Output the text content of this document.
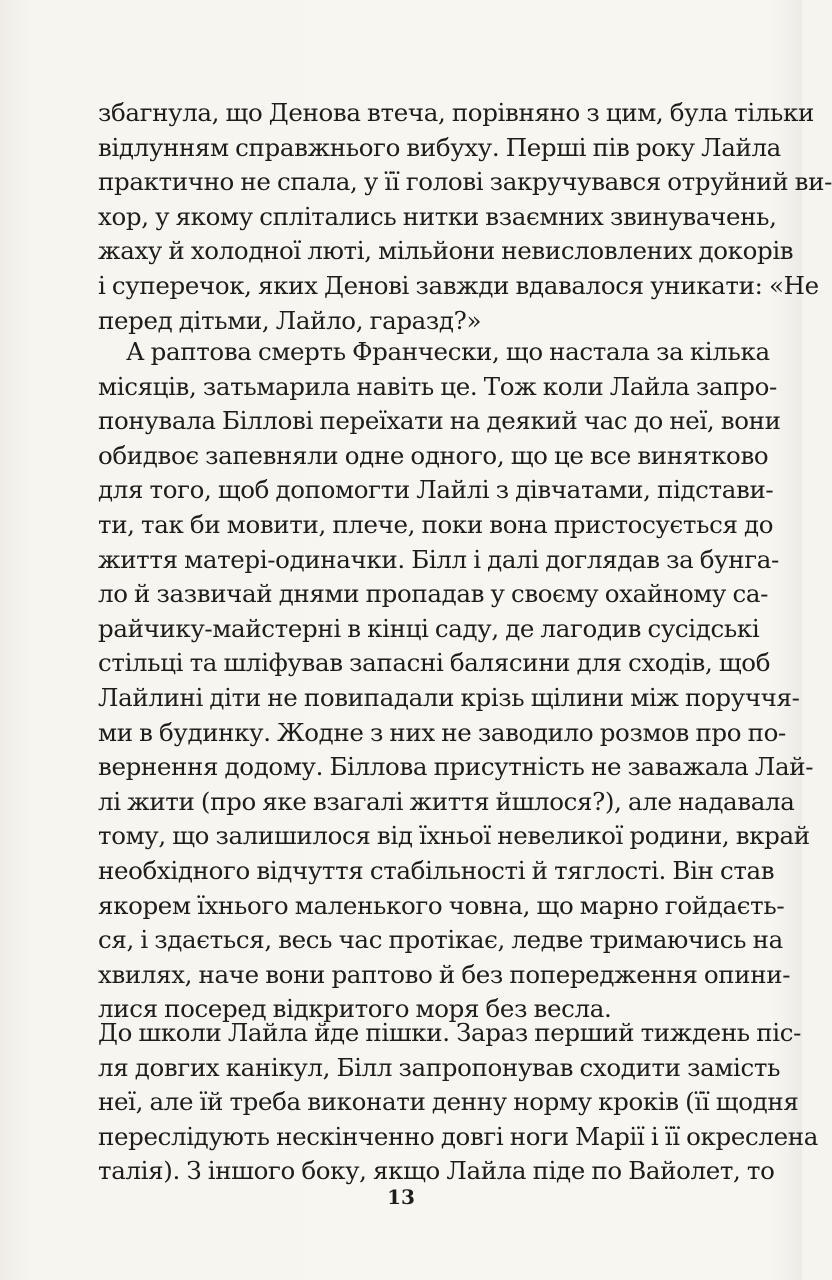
збагнула, що Денова втеча, порівняно з цим, була тільки
відлунням справжнього вибуху. Перші пів року Лайла
практично не спала, у її голові закручувався отруйний ви-
хор, у якому сплітались нитки взаємних звинувачень,
жаху й холодної люті, мільйони невисловлених докорів
і суперечок, яких Денові завжди вдавалося уникати: «Не
перед дітьми, Лайло, гаразд?»
А раптова смерть Франчески, що настала за кілька
місяців, затьмарила навіть це. Тож коли Лайла запро-
понувала Біллові переїхати на деякий час до неї, вони
обидвоє запевняли одне одного, що це все винятково
для того, щоб допомогти Лайлі з дівчатами, підстави-
ти, так би мовити, плече, поки вона пристосується до
життя матері-одиначки. Білл і далі доглядав за бунга-
ло й зазвичай днями пропадав у своєму охайному са-
райчику-майстерні в кінці саду, де лагодив сусідські
стільці та шліфував запасні балясини для сходів, щоб
Лайлині діти не повипадали крізь щілини між поруччя-
ми в будинку. Жодне з них не заводило розмов про по-
вернення додому. Біллова присутність не заважала Лай-
лі жити (про яке взагалі життя йшлося?), але надавала
тому, що залишилося від їхньої невеликої родини, вкрай
необхідного відчуття стабільності й тяглості. Він став
якорем їхнього маленького човна, що марно гойдаєть-
ся, і здається, весь час протікає, ледве тримаючись на
хвилях, наче вони раптово й без попередження опини-
лися посеред відкритого моря без весла.
До школи Лайла йде пішки. Зараз перший тиждень піс-
ля довгих канікул, Білл запропонував сходити замість
неї, але їй треба виконати денну норму кроків (її щодня
переслідують нескінченно довгі ноги Марії і її окреслена
талія). З іншого боку, якщо Лайла піде по Вайолет, то
13
